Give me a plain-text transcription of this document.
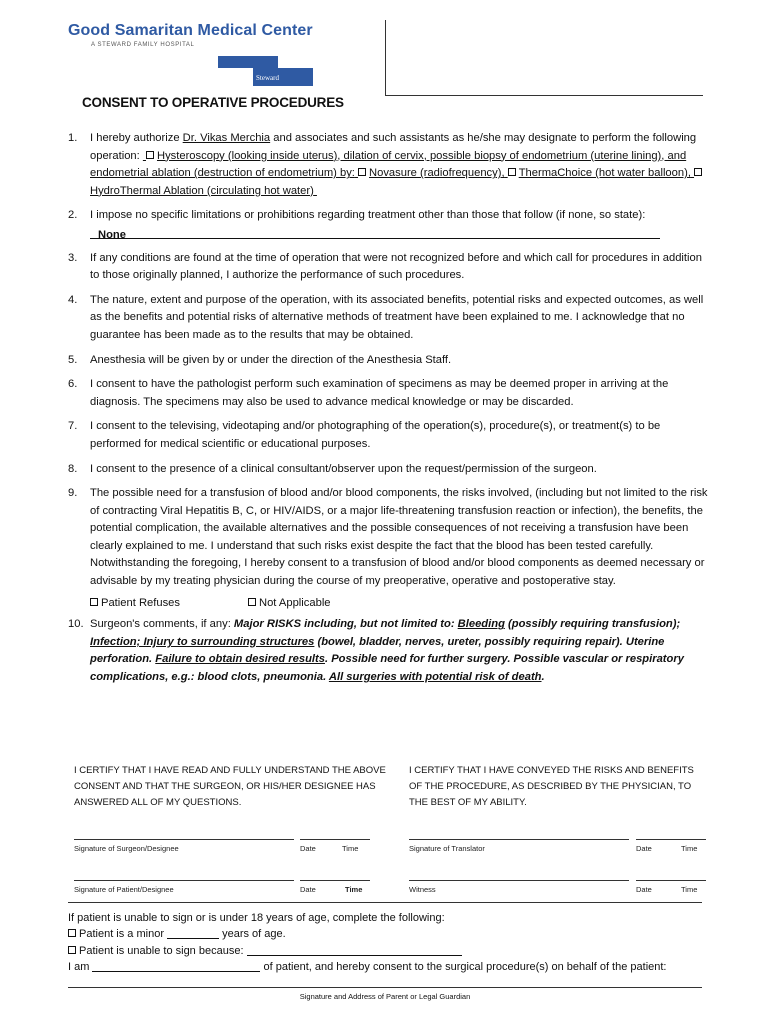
Good Samaritan Medical Center
A STEWARD FAMILY HOSPITAL
Steward
CONSENT TO OPERATIVE PROCEDURES
1.	I hereby authorize Dr. Vikas Merchia and associates and such assistants as he/she may designate to perform the following operation:  Hysteroscopy (looking inside uterus), dilation of cervix, possible biopsy of endometrium (uterine lining), and endometrial ablation (destruction of endometrium) by: Novasure (radiofrequency), ThermaChoice (hot water balloon), HydroThermal Ablation (circulating hot water)
2.	I impose no specific limitations or prohibitions regarding treatment other than those that follow (if none, so state): None
3.	If any conditions are found at the time of operation that were not recognized before and which call for procedures in addition to those originally planned, I authorize the performance of such procedures.
4.	The nature, extent and purpose of the operation, with its associated benefits, potential risks and expected outcomes, as well as the benefits and potential risks of alternative methods of treatment have been explained to me. I acknowledge that no guarantee has been made as to the results that may be obtained.
5.	Anesthesia will be given by or under the direction of the Anesthesia Staff.
6.	I consent to have the pathologist perform such examination of specimens as may be deemed proper in arriving at the diagnosis. The specimens may also be used to advance medical knowledge or may be discarded.
7.	I consent to the televising, videotaping and/or photographing of the operation(s), procedure(s), or treatment(s) to be performed for medical scientific or educational purposes.
8.	I consent to the presence of a clinical consultant/observer upon the request/permission of the surgeon.
9.	The possible need for a transfusion of blood and/or blood components, the risks involved, (including but not limited to the risk of contracting Viral Hepatitis B, C, or HIV/AIDS, or a major life-threatening transfusion reaction or infection), the benefits, the potential complication, the available alternatives and the possible consequences of not receiving a transfusion have been clearly explained to me. I understand that such risks exist despite the fact that the blood has been tested carefully. Notwithstanding the foregoing, I hereby consent to a transfusion of blood and/or blood components as deemed necessary or advisable by my treating physician during the course of my preoperative, operative and postoperative stay.
Patient Refuses	Not Applicable
10. Surgeon's comments, if any: Major RISKS including, but not limited to: Bleeding (possibly requiring transfusion); Infection; Injury to surrounding structures (bowel, bladder, nerves, ureter, possibly requiring repair). Uterine perforation. Failure to obtain desired results. Possible need for further surgery. Possible vascular or respiratory complications, e.g.: blood clots, pneumonia. All surgeries with potential risk of death.
I CERTIFY THAT I HAVE READ AND FULLY UNDERSTAND THE ABOVE CONSENT AND THAT THE SURGEON, OR HIS/HER DESIGNEE HAS ANSWERED ALL OF MY QUESTIONS.
I CERTIFY THAT I HAVE CONVEYED THE RISKS AND BENEFITS OF THE PROCEDURE, AS DESCRIBED BY THE PHYSICIAN, TO THE BEST OF MY ABILITY.
Signature of Surgeon/Designee	Date	Time	Signature of Translator	Date	Time
Signature of Patient/Designee	Date	Time	Witness	Date	Time
If patient is unable to sign or is under 18 years of age, complete the following:
Patient is a minor	years of age.
Patient is unable to sign because:
I am	of patient, and hereby consent to the surgical procedure(s) on behalf of the patient:
Signature and Address of Parent or Legal Guardian
